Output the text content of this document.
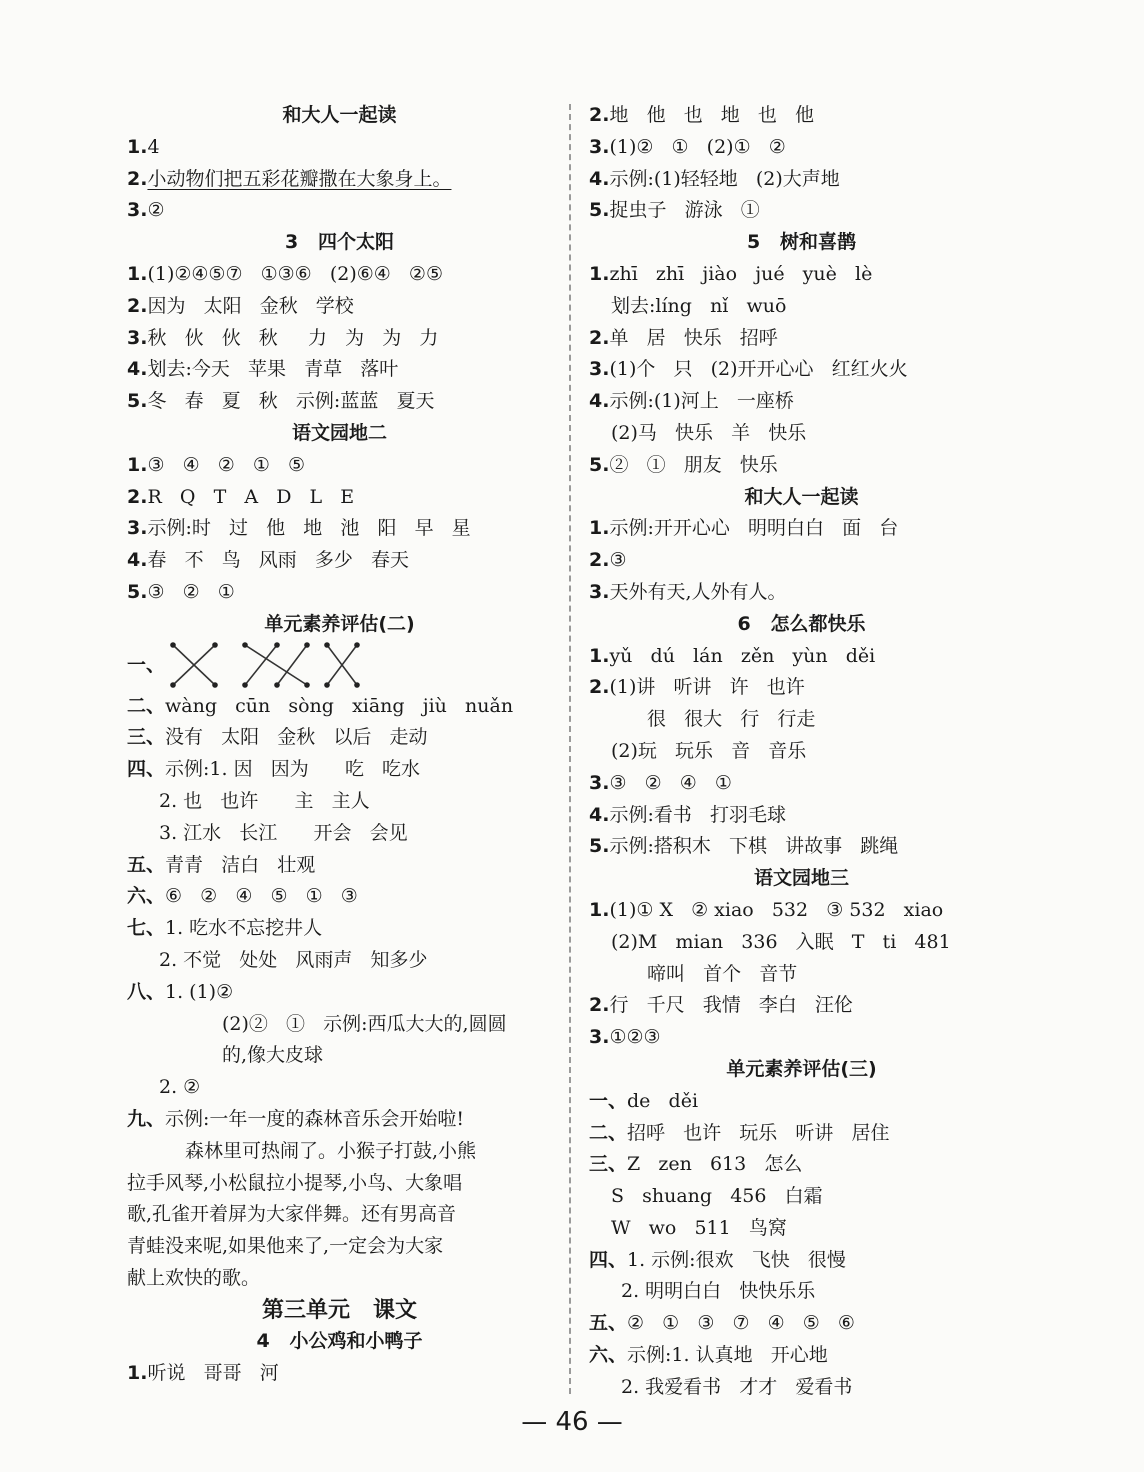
和大人一起读
1.4
2.小动物们把五彩花瓣撒在大象身上。
3.②
3   四个太阳
1.(1)②④⑤⑦   ①③⑥   (2)⑥④   ②⑤
2.因为   太阳   金秋   学校
3.秋   伙   伙   秋     力   为   为   力
4.划去:今天   苹果   青草   落叶
5.冬   春   夏   秋   示例:蓝蓝   夏天
语文园地二
1.③   ④   ②   ①   ⑤
2.R   Q   T   A   D   L   E
3.示例:时   过   他   地   池   阳   早   星
4.春   不   鸟   风雨   多少   春天
5.③   ②   ①
单元素养评估(二)
一、
二、wàng   cūn   sòng   xiāng   jiù   nuǎn
三、没有   太阳   金秋   以后   走动
四、示例:1. 因   因为      吃   吃水
2. 也   也许      主   主人
3. 江水   长江      开会   会见
五、青青   洁白   壮观
六、⑥   ②   ④   ⑤   ①   ③
七、1. 吃水不忘挖井人
2. 不觉   处处   风雨声   知多少
八、1. (1)②
(2)②   ①   示例:西瓜大大的,圆圆
的,像大皮球
2. ②
九、示例:一年一度的森林音乐会开始啦!
森林里可热闹了。小猴子打鼓,小熊
拉手风琴,小松鼠拉小提琴,小鸟、大象唱
歌,孔雀开着屏为大家伴舞。还有男高音
青蛙没来呢,如果他来了,一定会为大家
献上欢快的歌。
第三单元   课文
4   小公鸡和小鸭子
1.听说   哥哥   河
2.地   他   也   地   也   他
3.(1)②   ①   (2)①   ②
4.示例:(1)轻轻地   (2)大声地
5.捉虫子   游泳   ①
5   树和喜鹊
1.zhī   zhī   jiào   jué   yuè   lè
划去:líng   nǐ   wuō
2.单   居   快乐   招呼
3.(1)个   只   (2)开开心心   红红火火
4.示例:(1)河上   一座桥
(2)马   快乐   羊   快乐
5.②   ①   朋友   快乐
和大人一起读
1.示例:开开心心   明明白白   面   台
2.③
3.天外有天,人外有人。
6   怎么都快乐
1.yǔ   dú   lán   zěn   yùn   děi
2.(1)讲   听讲   许   也许
很   很大   行   行走
(2)玩   玩乐   音   音乐
3.③   ②   ④   ①
4.示例:看书   打羽毛球
5.示例:搭积木   下棋   讲故事   跳绳
语文园地三
1.(1)① X   ② xiao   532   ③ 532   xiao
(2)M   mian   336   入眠   T   ti   481
啼叫   首个   音节
2.行   千尺   我情   李白   汪伦
3.①②③
单元素养评估(三)
一、de   děi
二、招呼   也许   玩乐   听讲   居住
三、Z   zen   613   怎么
S   shuang   456   白霜
W   wo   511   鸟窝
四、1. 示例:很欢   飞快   很慢
2. 明明白白   快快乐乐
五、②   ①   ③   ⑦   ④   ⑤   ⑥
六、示例:1. 认真地   开心地
2. 我爱看书   才才   爱看书
— 46 —
